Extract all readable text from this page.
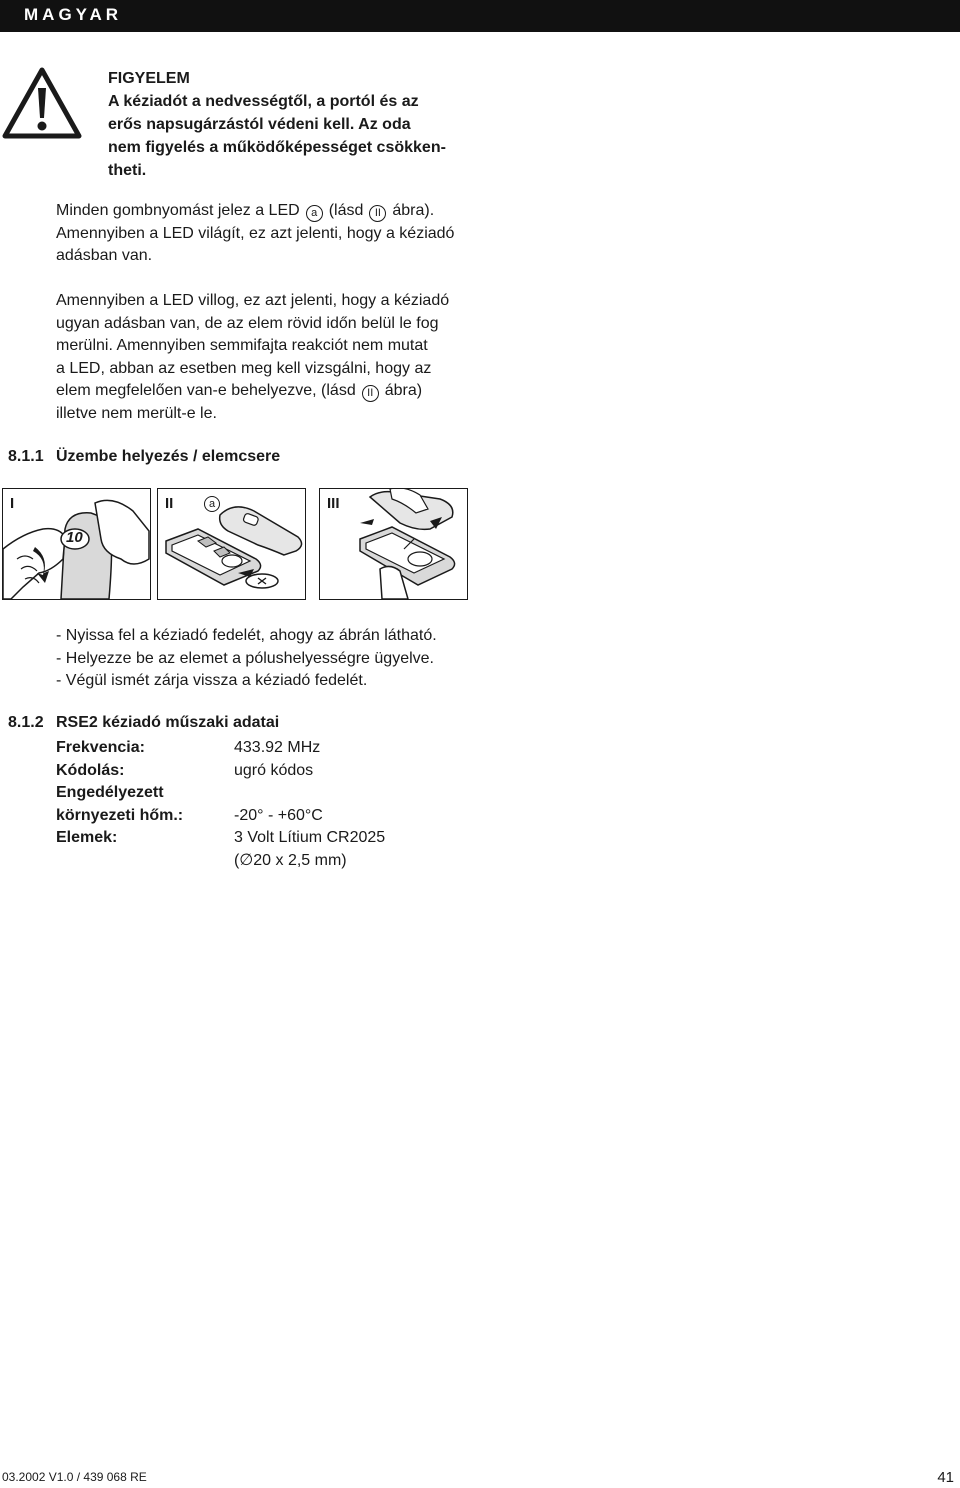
MAGYAR
FIGYELEM
A kéziadót a nedvességtől, a portól és az
erős napsugárzástól védeni kell. Az oda
nem figyelés a működőképességet csökken-
theti.
Minden gombnyomást jelez a LED a (lásd II ábra).
Amennyiben a LED világít, ez azt jelenti, hogy a kéziadó
adásban van.
Amennyiben a LED villog, ez azt jelenti, hogy a kéziadó
ugyan adásban van, de az elem rövid időn belül le fog
merülni. Amennyiben semmifajta reakciót nem mutat
a LED, abban az esetben meg kell vizsgálni, hogy az
elem megfelelően van-e behelyezve, (lásd II ábra)
illetve nem merült-e le.
8.1.1 Üzembe helyezés / elemcsere
I
10
II	a	III
- Nyissa fel a kéziadó fedelét, ahogy az ábrán látható.
- Helyezze be az elemet a pólushelyességre ügyelve.
- Végül ismét zárja vissza a kéziadó fedelét.
8.1.2 RSE2 kéziadó műszaki adatai
Frekvencia:	433.92 MHz
Kódolás:	ugró kódos
Engedélyezett
környezeti hőm.:	-20° - +60°C
Elemek:	3 Volt Lítium CR2025
(∅20 x 2,5 mm)
03.2002 V1.0 / 439 068 RE	41
